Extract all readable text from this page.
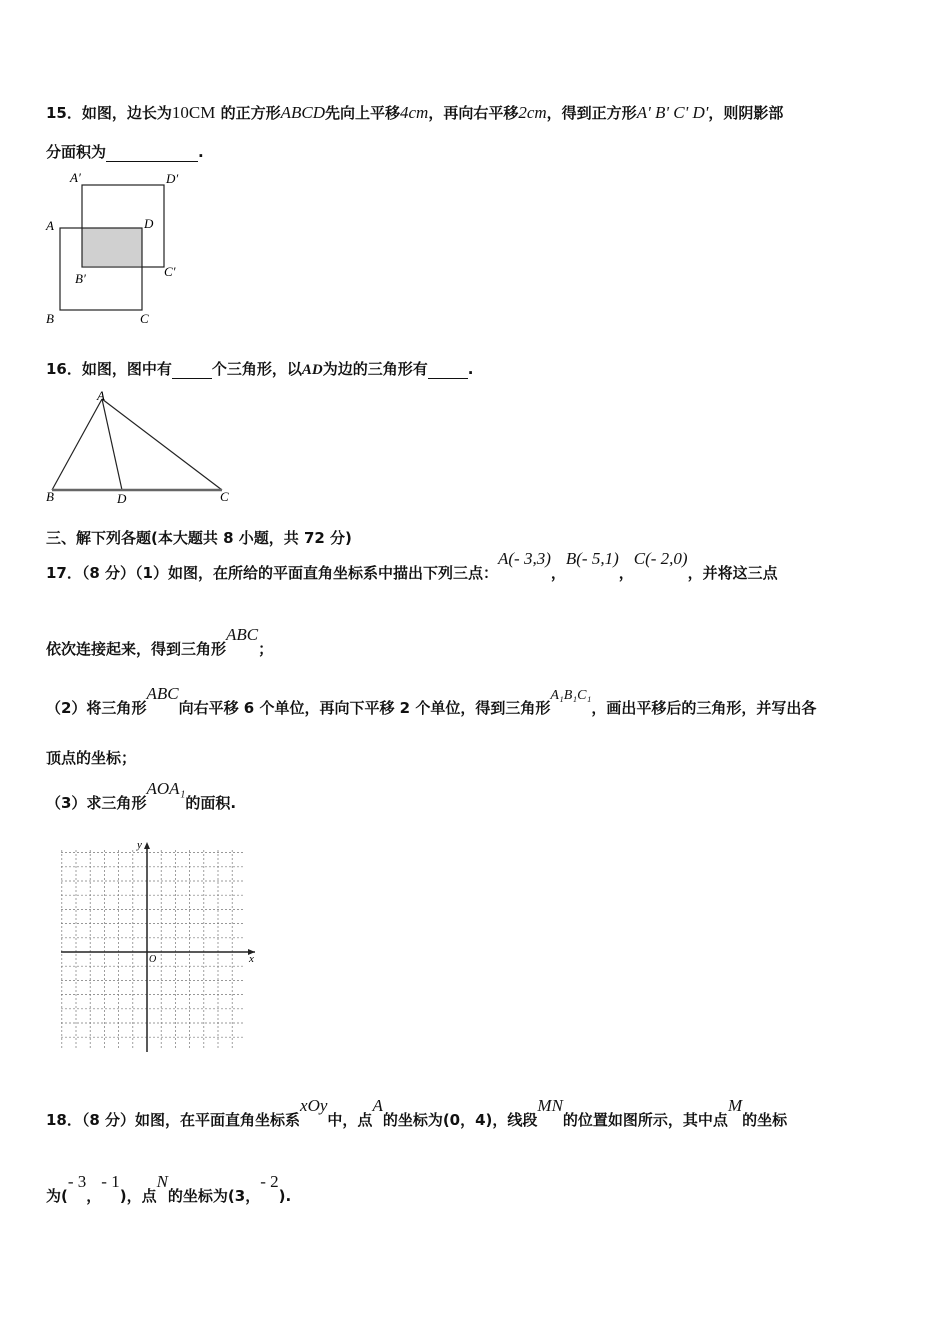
15．如图，边长为10CM 的正方形ABCD先向上平移4cm，再向右平移2cm，得到正方形A' B' C' D'，则阴影部
分面积为	.
A′	D′
A	D
B′	C′
B	C
16．如图，图中有	个三角形，以AD为边的三角形有	.
A
B	D	C
三、解下列各题(本大题共 8 小题，共 72 分)
17．（8 分）（1）如图，在所给的平面直角坐标系中描出下列三点：A(- 3,3)，B(- 5,1)，C(- 2,0)，并将这三点
依次连接起来，得到三角形ABC；
（2）将三角形ABC向右平移 6 个单位，再向下平移 2 个单位，得到三角形A₁B₁C₁，画出平移后的三角形，并写出各
顶点的坐标；
（3）求三角形AOA₁的面积.
y
x
O
18．（8 分）如图，在平面直角坐标系xOy中，点A的坐标为(0，4)，线段MN的位置如图所示，其中点M的坐标
为(- 3，- 1)，点N的坐标为(3，- 2).
